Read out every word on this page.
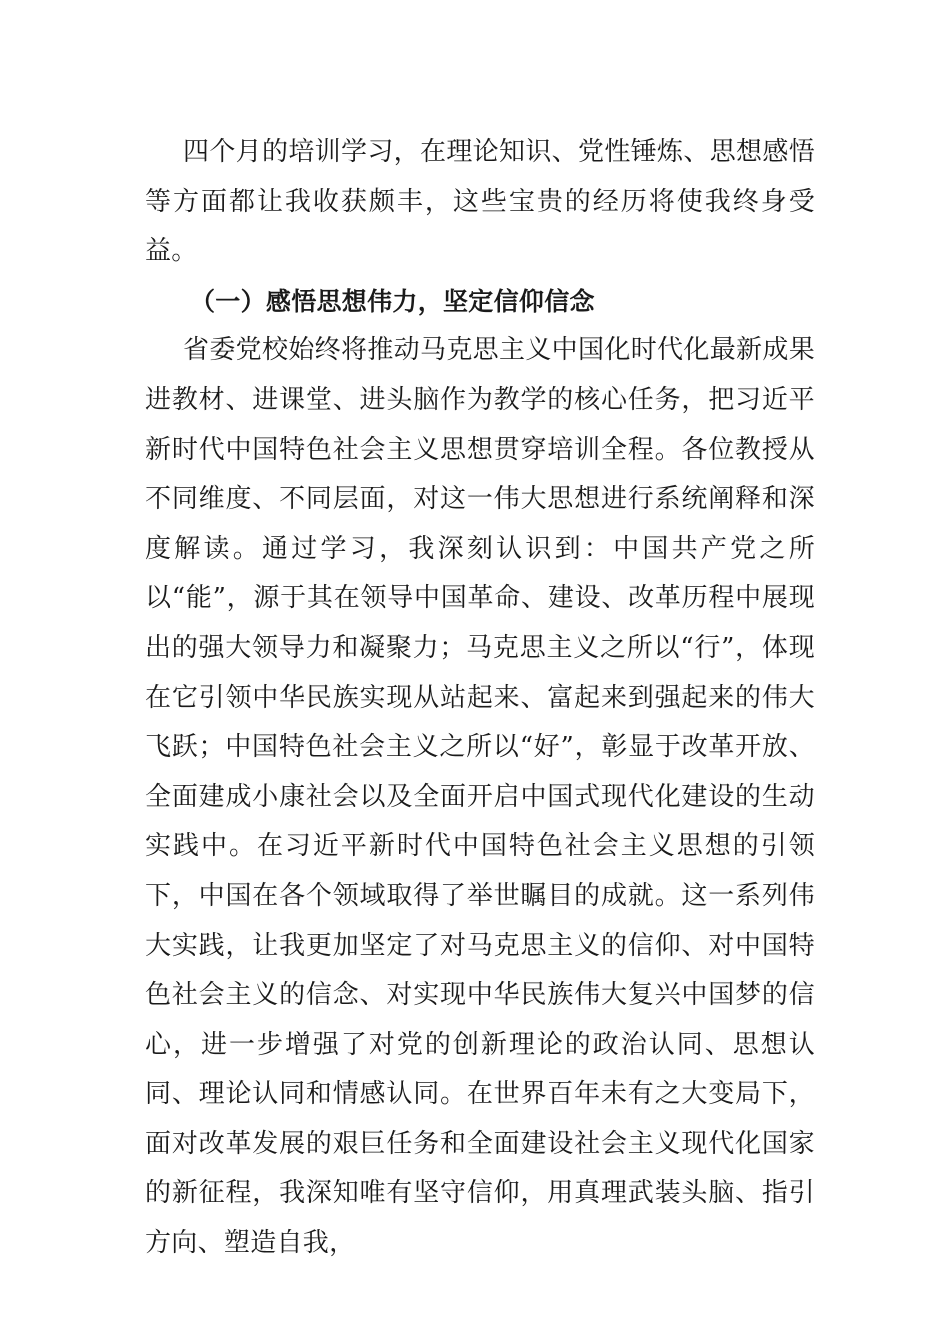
四个月的培训学习，在理论知识、党性锤炼、思想感悟等方面都让我收获颇丰，这些宝贵的经历将使我终身受益。

（一）感悟思想伟力，坚定信仰信念

省委党校始终将推动马克思主义中国化时代化最新成果进教材、进课堂、进头脑作为教学的核心任务，把习近平新时代中国特色社会主义思想贯穿培训全程。各位教授从不同维度、不同层面，对这一伟大思想进行系统阐释和深度解读。通过学习，我深刻认识到：中国共产党之所以“能”，源于其在领导中国革命、建设、改革历程中展现出的强大领导力和凝聚力；马克思主义之所以“行”，体现在它引领中华民族实现从站起来、富起来到强起来的伟大飞跃；中国特色社会主义之所以“好”，彰显于改革开放、全面建成小康社会以及全面开启中国式现代化建设的生动实践中。在习近平新时代中国特色社会主义思想的引领下，中国在各个领域取得了举世瞩目的成就。这一系列伟大实践，让我更加坚定了对马克思主义的信仰、对中国特色社会主义的信念、对实现中华民族伟大复兴中国梦的信心，进一步增强了对党的创新理论的政治认同、思想认同、理论认同和情感认同。在世界百年未有之大变局下，面对改革发展的艰巨任务和全面建设社会主义现代化国家的新征程，我深知唯有坚守信仰，用真理武装头脑、指引方向、塑造自我，
